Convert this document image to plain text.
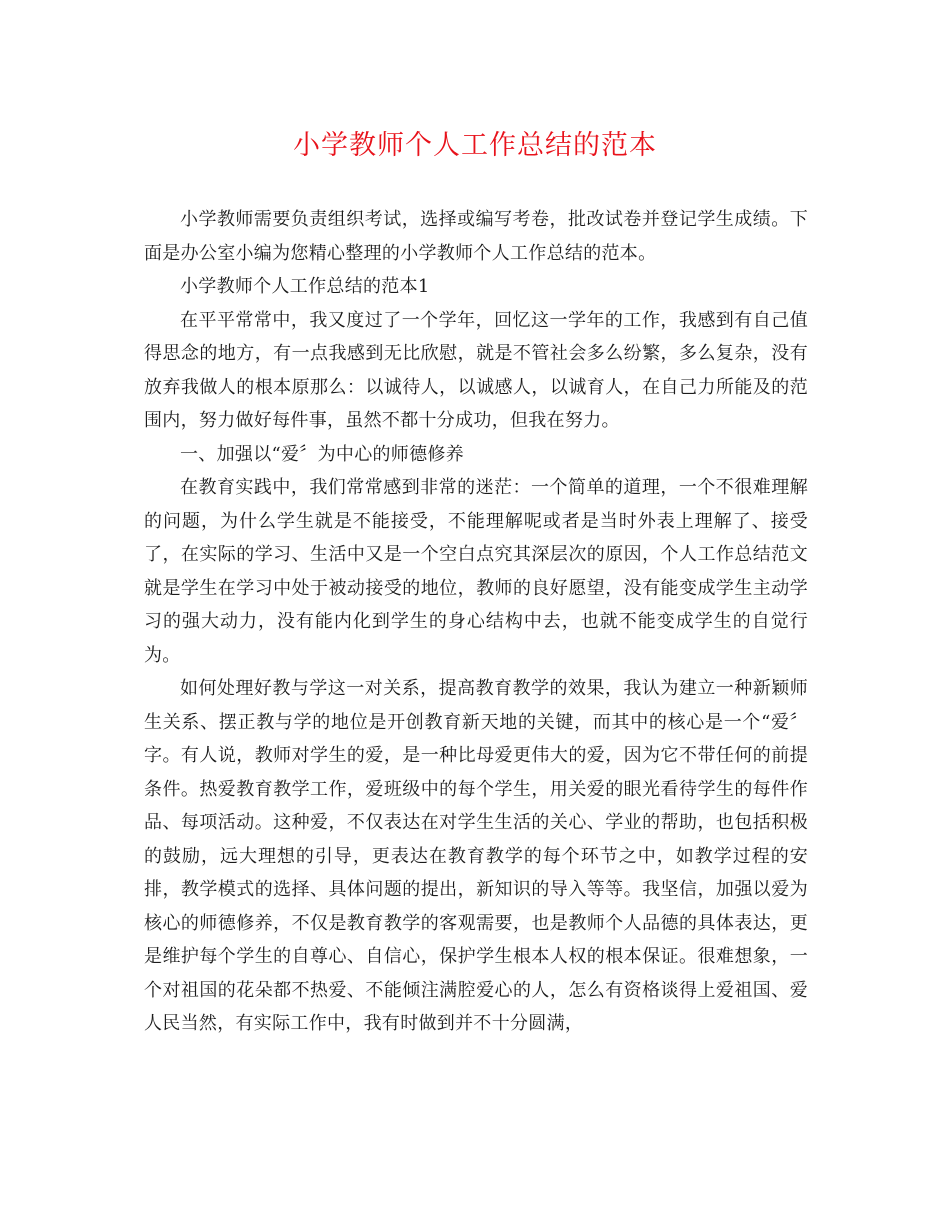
小学教师个人工作总结的范本

小学教师需要负责组织考试，选择或编写考卷，批改试卷并登记学生成绩。下面是办公室小编为您精心整理的小学教师个人工作总结的范本。

小学教师个人工作总结的范本1

在平平常常中，我又度过了一个学年，回忆这一学年的工作，我感到有自己值得思念的地方，有一点我感到无比欣慰，就是不管社会多么纷繁，多么复杂，没有放弃我做人的根本原那么：以诚待人，以诚感人，以诚育人，在自己力所能及的范围内，努力做好每件事，虽然不都十分成功，但我在努力。

一、加强以“爱〞为中心的师德修养

在教育实践中，我们常常感到非常的迷茫：一个简单的道理，一个不很难理解的问题，为什么学生就是不能接受，不能理解呢或者是当时外表上理解了、接受了，在实际的学习、生活中又是一个空白点究其深层次的原因，个人工作总结范文就是学生在学习中处于被动接受的地位，教师的良好愿望，没有能变成学生主动学习的强大动力，没有能内化到学生的身心结构中去，也就不能变成学生的自觉行为。

如何处理好教与学这一对关系，提高教育教学的效果，我认为建立一种新颖师生关系、摆正教与学的地位是开创教育新天地的关键，而其中的核心是一个“爱〞字。有人说，教师对学生的爱，是一种比母爱更伟大的爱，因为它不带任何的前提条件。热爱教育教学工作，爱班级中的每个学生，用关爱的眼光看待学生的每件作品、每项活动。这种爱，不仅表达在对学生生活的关心、学业的帮助，也包括积极的鼓励，远大理想的引导，更表达在教育教学的每个环节之中，如教学过程的安排，教学模式的选择、具体问题的提出，新知识的导入等等。我坚信，加强以爱为核心的师德修养，不仅是教育教学的客观需要，也是教师个人品德的具体表达，更是维护每个学生的自尊心、自信心，保护学生根本人权的根本保证。很难想象，一个对祖国的花朵都不热爱、不能倾注满腔爱心的人，怎么有资格谈得上爱祖国、爱人民当然，有实际工作中，我有时做到并不十分圆满，
